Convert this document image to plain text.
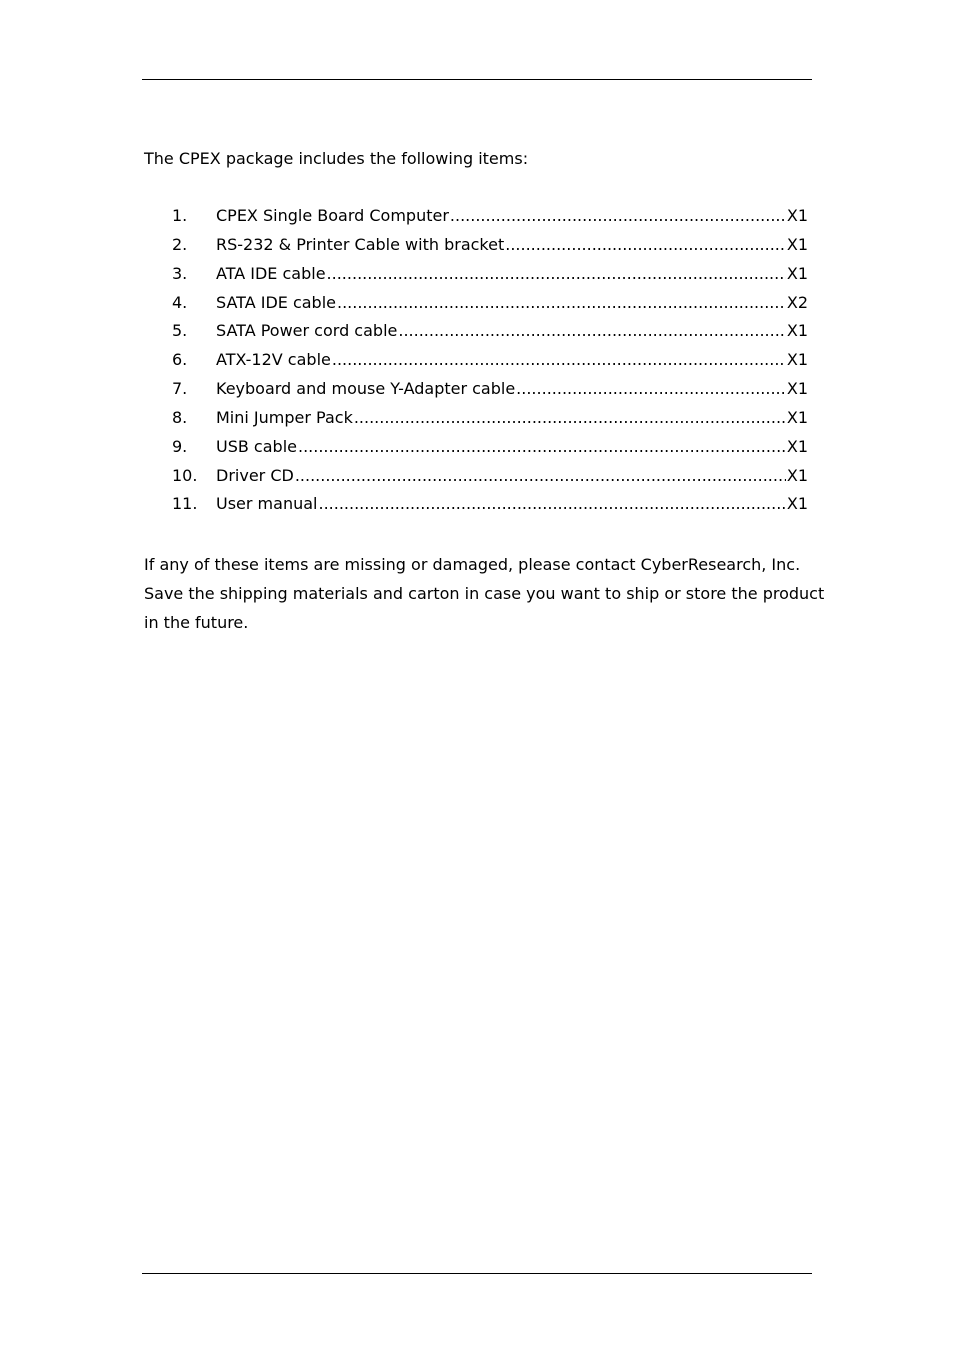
The CPEX package includes the following items:
1.	CPEX Single Board Computer .....	X1
2.	RS-232 & Printer Cable with bracket .....	X1
3.	ATA IDE cable .....	X1
4.	SATA IDE cable .....	X2
5.	SATA Power cord cable .....	X1
6.	ATX-12V cable .....	X1
7.	Keyboard and mouse Y-Adapter cable .....	X1
8.	Mini Jumper Pack .....	X1
9.	USB cable .....	X1
10.	Driver CD .....	X1
11.	User manual .....	X1

If any of these items are missing or damaged, please contact CyberResearch, Inc.

Save the shipping materials and carton in case you want to ship or store the product

in the future.
